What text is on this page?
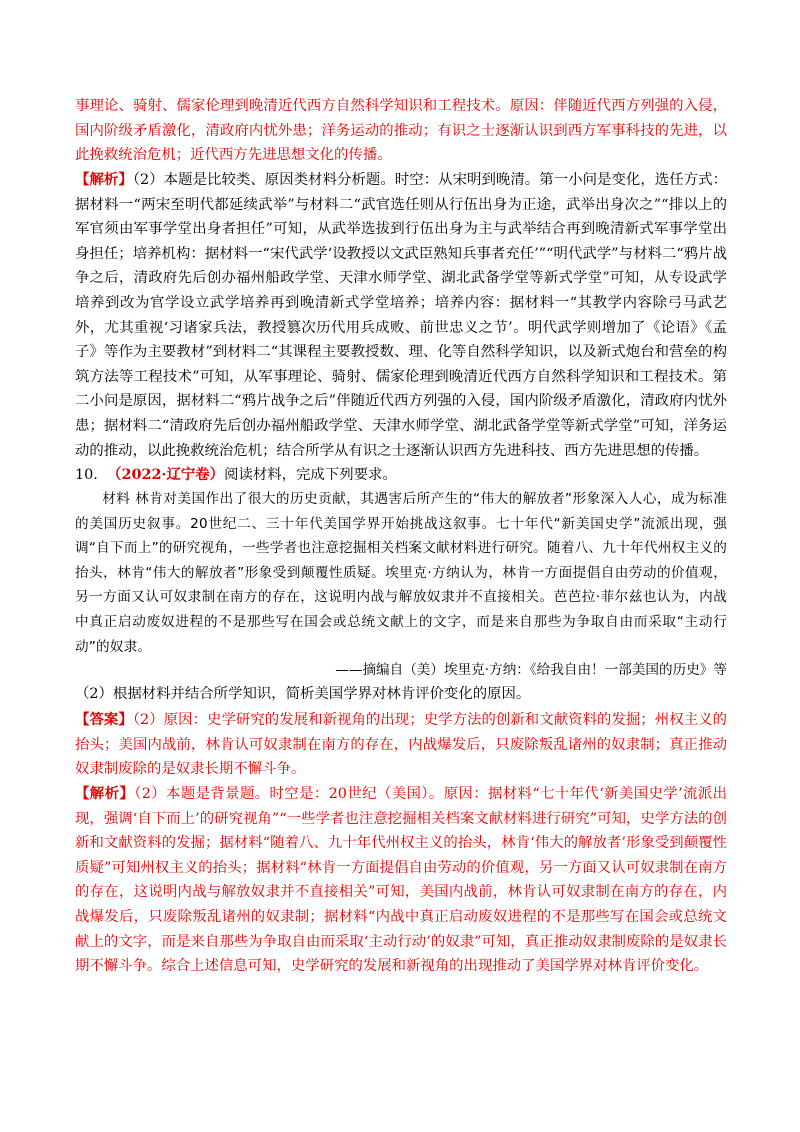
事理论、骑射、儒家伦理到晚清近代西方自然科学知识和工程技术。原因：伴随近代西方列强的入侵，国内阶级矛盾激化，清政府内忧外患；洋务运动的推动；有识之士逐渐认识到西方军事科技的先进，以此挽救统治危机；近代西方先进思想文化的传播。

【解析】（2）本题是比较类、原因类材料分析题。时空：从宋明到晚清。第一小问是变化，选任方式：据材料一“两宋至明代都延续武举”与材料二“武官选任则从行伍出身为正途，武举出身次之”“排以上的军官须由军事学堂出身者担任”可知，从武举选拔到行伍出身为主与武举结合再到晚清新式军事学堂出身担任；培养机构：据材料一“宋代武学‘设教授以文武臣熟知兵事者充任’”“明代武学”与材料二“鸦片战争之后，清政府先后创办福州船政学堂、天津水师学堂、湖北武备学堂等新式学堂”可知，从专设武学培养到改为官学设立武学培养再到晚清新式学堂培养；培养内容：据材料一“其教学内容除弓马武艺外，尤其重视‘习诸家兵法，教授篡次历代用兵成败、前世忠义之节’。明代武学则增加了《论语》《孟子》等作为主要教材”到材料二“其课程主要教授数、理、化等自然科学知识，以及新式炮台和营垒的构筑方法等工程技术”可知，从军事理论、骑射、儒家伦理到晚清近代西方自然科学知识和工程技术。第二小问是原因，据材料二“鸦片战争之后”伴随近代西方列强的入侵，国内阶级矛盾激化，清政府内忧外患；据材料二“清政府先后创办福州船政学堂、天津水师学堂、湖北武备学堂等新式学堂”可知，洋务运动的推动，以此挽救统治危机；结合所学从有识之士逐渐认识西方先进科技、西方先进思想的传播。

10. （2022·辽宁卷）阅读材料，完成下列要求。

材料 林肯对美国作出了很大的历史贡献，其遇害后所产生的“伟大的解放者”形象深入人心，成为标准的美国历史叙事。20世纪二、三十年代美国学界开始挑战这叙事。七十年代“新美国史学”流派出现，强调“自下而上”的研究视角，一些学者也注意挖掘相关档案文献材料进行研究。随着八、九十年代州权主义的抬头，林肯“伟大的解放者”形象受到颠覆性质疑。埃里克·方纳认为，林肯一方面提倡自由劳动的价值观，另一方面又认可奴隶制在南方的存在，这说明内战与解放奴隶并不直接相关。芭芭拉·菲尔兹也认为，内战中真正启动废奴进程的不是那些写在国会或总统文献上的文字，而是来自那些为争取自由而采取“主动行动”的奴隶。

——摘编自（美）埃里克·方纳：《给我自由！一部美国的历史》等

（2）根据材料并结合所学知识，简析美国学界对林肯评价变化的原因。

【答案】（2）原因：史学研究的发展和新视角的出现；史学方法的创新和文献资料的发掘；州权主义的抬头；美国内战前，林肯认可奴隶制在南方的存在，内战爆发后，只废除叛乱诸州的奴隶制；真正推动奴隶制废除的是奴隶长期不懈斗争。

【解析】（2）本题是背景题。时空是：20世纪（美国）。原因：据材料“七十年代‘新美国史学’流派出现，强调‘自下而上’的研究视角”“一些学者也注意挖掘相关档案文献材料进行研究”可知，史学方法的创新和文献资料的发掘；据材料“随着八、九十年代州权主义的抬头，林肯‘伟大的解放者’形象受到颠覆性质疑”可知州权主义的抬头；据材料“林肯一方面提倡自由劳动的价值观，另一方面又认可奴隶制在南方的存在，这说明内战与解放奴隶并不直接相关”可知，美国内战前，林肯认可奴隶制在南方的存在，内战爆发后，只废除叛乱诸州的奴隶制；据材料“内战中真正启动废奴进程的不是那些写在国会或总统文献上的文字，而是来自那些为争取自由而采取‘主动行动’的奴隶”可知，真正推动奴隶制废除的是奴隶长期不懈斗争。综合上述信息可知，史学研究的发展和新视角的出现推动了美国学界对林肯评价变化。
